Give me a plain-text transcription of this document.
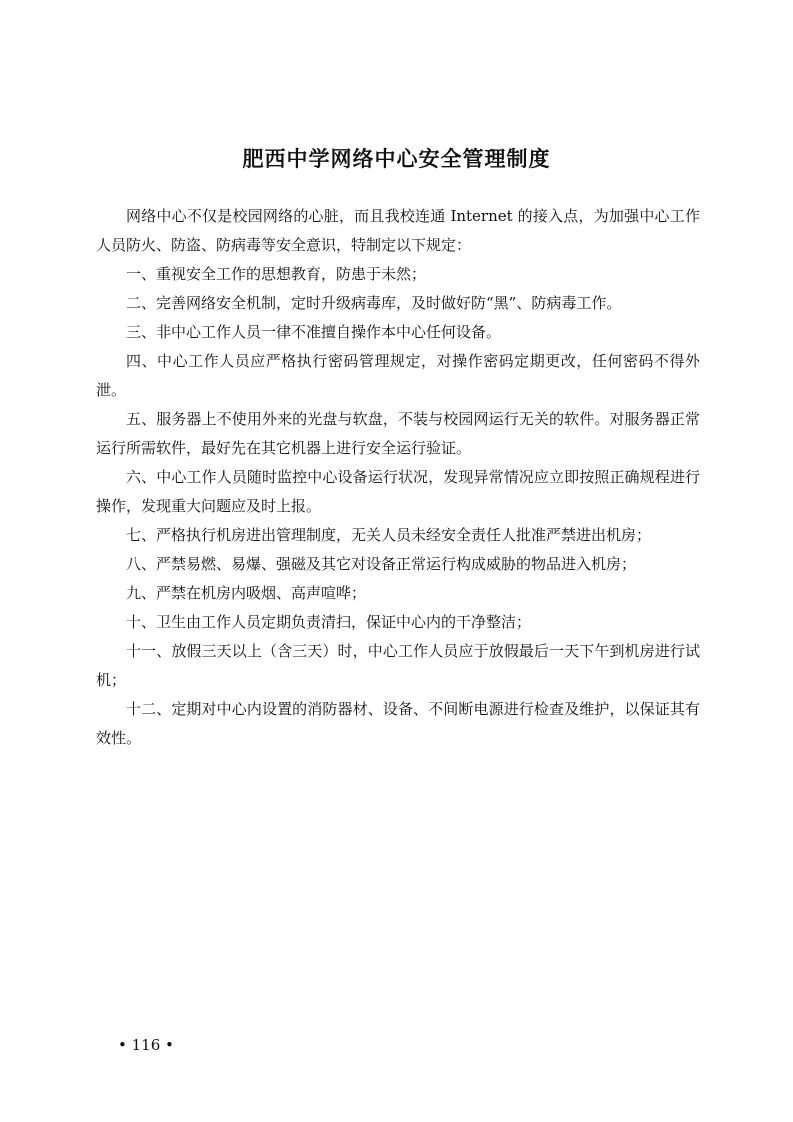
肥西中学网络中心安全管理制度

网络中心不仅是校园网络的心脏，而且我校连通 Internet 的接入点，为加强中心工作人员防火、防盗、防病毒等安全意识，特制定以下规定：

一、重视安全工作的思想教育，防患于未然；

二、完善网络安全机制，定时升级病毒库，及时做好防“黑”、防病毒工作。

三、非中心工作人员一律不准擅自操作本中心任何设备。

四、中心工作人员应严格执行密码管理规定，对操作密码定期更改，任何密码不得外泄。

五、服务器上不使用外来的光盘与软盘，不装与校园网运行无关的软件。对服务器正常运行所需软件，最好先在其它机器上进行安全运行验证。

六、中心工作人员随时监控中心设备运行状况，发现异常情况应立即按照正确规程进行操作，发现重大问题应及时上报。

七、严格执行机房进出管理制度，无关人员未经安全责任人批准严禁进出机房；

八、严禁易燃、易爆、强磁及其它对设备正常运行构成威胁的物品进入机房；

九、严禁在机房内吸烟、高声喧哗；

十、卫生由工作人员定期负责清扫，保证中心内的干净整洁；

十一、放假三天以上（含三天）时，中心工作人员应于放假最后一天下午到机房进行试机；

十二、定期对中心内设置的消防器材、设备、不间断电源进行检查及维护，以保证其有效性。

• 116 •
